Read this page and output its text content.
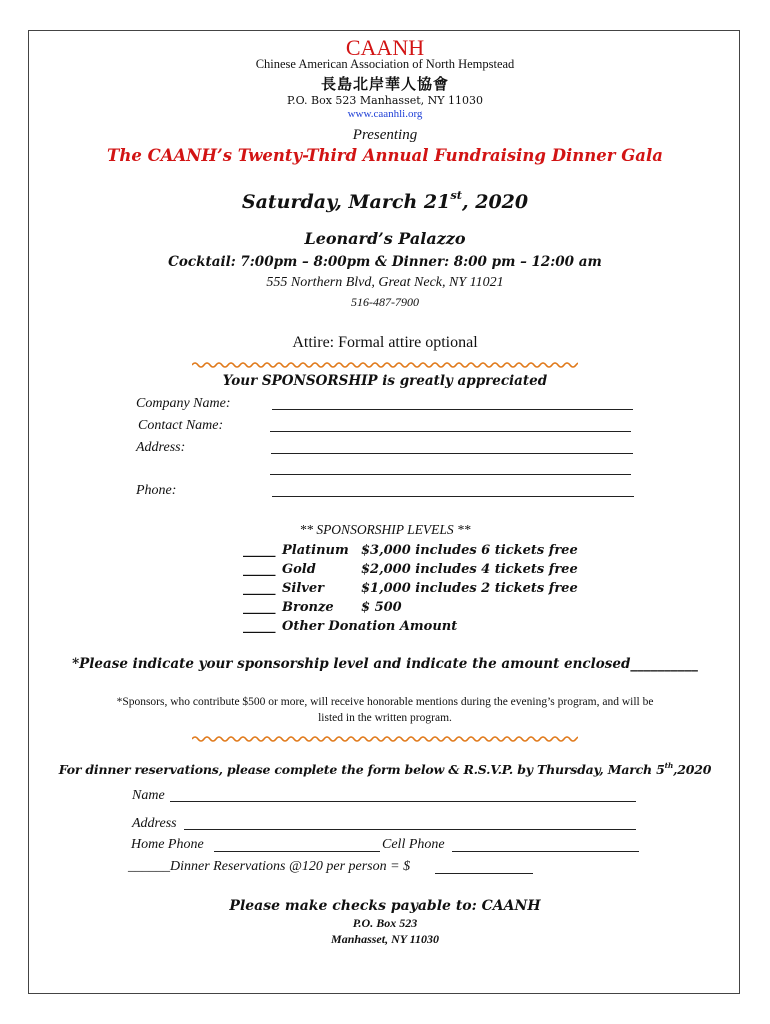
CAANH
Chinese American Association of North Hempstead
長島北岸華人協會
P.O. Box 523 Manhasset, NY 11030
www.caanhli.org
Presenting
The CAANH’s Twenty-Third Annual Fundraising Dinner Gala
Saturday, March 21st, 2020
Leonard’s Palazzo
Cocktail: 7:00pm – 8:00pm & Dinner: 8:00 pm – 12:00 am
555 Northern Blvd, Great Neck, NY 11021
516-487-7900
Attire: Formal attire optional
Your SPONSORSHIP is greatly appreciated
Company Name:
Contact Name:
Address:
Phone:
** SPONSORSHIP LEVELS **
_____ Platinum $3,000 includes 6 tickets free
_____ Gold	$2,000 includes 4 tickets free
_____ Silver	$1,000 includes 2 tickets free
_____ Bronze $ 500
_____ Other Donation Amount
*Please indicate your sponsorship level and indicate the amount enclosed__________
*Sponsors, who contribute $500 or more, will receive honorable mentions during the evening’s program, and will be
listed in the written program.
For dinner reservations, please complete the form below & R.S.V.P. by Thursday, March 5th,2020
Name
Address
Home Phone	Cell Phone
______Dinner Reservations @120 per person = $
Please make checks payable to: CAANH
P.O. Box 523
Manhasset, NY 11030
